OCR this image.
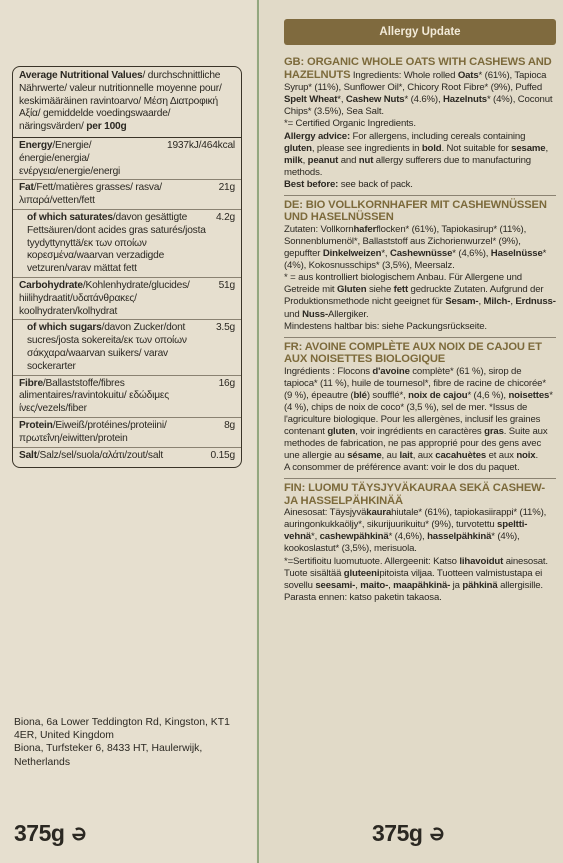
Average Nutritional Values/ durchschnittliche Nährwerte/ valeur nutritionnelle moyenne pour/ keskimääräinen ravintoarvo/ Μέση Διατροφική Αξία/ gemiddelde voedingswaarde/ näringsvärden/ per 100g
Energy/Energie/énergie/energia/ενέργεια/energie/energi
1937kJ/464kcal
Fat/Fett/matières grasses/ rasva/λιπαρά/vetten/fett
21g
of which saturates/davon gesättigte Fettsäuren/dont acides gras saturés/josta tyydyttynyttä/εκ των οποίων κορεσμένα/waarvan verzadigde vetzuren/varav mättat fett
4.2g
Carbohydrate/Kohlenhydrate/glucides/ hiilihydraatit/υδατάνθρακες/ koolhydraten/kolhydrat
51g
of which sugars/davon Zucker/dont sucres/josta sokereita/εκ των οποίων σάκχαρα/waarvan suikers/ varav sockerarter
3.5g
Fibre/Ballaststoffe/fibres alimentaires/ravintokuitu/ εδώδιμες ίνες/vezels/fiber
16g
Protein/Eiweiß/protéines/proteiini/ πρωτεΐνη/eiwitten/protein
8g
Salt/Salz/sel/suola/αλάτι/zout/salt	0.15g

Biona, 6a Lower Teddington Rd, Kingston, KT1 4ER, United Kingdom

Biona, Turfsteker 6, 8433 HT, Haulerwijk, Netherlands

375g	375g
Allergy Update

GB: ORGANIC WHOLE OATS WITH CASHEWS AND HAZELNUTS Ingredients: Whole rolled Oats* (61%), Tapioca Syrup* (11%), Sunflower Oil*, Chicory Root Fibre* (9%), Puffed Spelt Wheat*, Cashew Nuts* (4.6%), Hazelnuts* (4%), Coconut Chips* (3.5%), Sea Salt.

*= Certified Organic Ingredients.

Allergy advice: For allergens, including cereals containing gluten, please see ingredients in bold. Not suitable for sesame, milk, peanut and nut allergy sufferers due to manufacturing methods.

Best before: see back of pack.

DE: BIO VOLLKORNHAFER MIT CASHEWNÜSSEN UND HASELNÜSSEN

Zutaten: Vollkornhaferflocken* (61%), Tapiokasirup* (11%), Sonnenblumenöl*, Ballaststoff aus Zichorienwurzel* (9%), gepuffter Dinkelweizen*, Cashewnüsse* (4,6%), Haselnüsse* (4%), Kokosnusschips* (3,5%), Meersalz.

* = aus kontrolliert biologischem Anbau. Für Allergene und Getreide mit Gluten siehe fett gedruckte Zutaten. Aufgrund der Produktionsmethode nicht geeignet für Sesam-, Milch-, Erdnuss- und Nuss-Allergiker.

Mindestens haltbar bis: siehe Packungsrückseite.

FR: AVOINE COMPLÈTE AUX NOIX DE CAJOU ET AUX NOISETTES BIOLOGIQUE

Ingrédients : Flocons d'avoine complète* (61 %), sirop de tapioca* (11 %), huile de tournesol*, fibre de racine de chicorée* (9 %), épeautre (blé) soufflé*, noix de cajou* (4,6 %), noisettes* (4 %), chips de noix de coco* (3,5 %), sel de mer. *Issus de l'agriculture biologique. Pour les allergènes, inclusif les graines contenant gluten, voir ingrédients en caractères gras. Suite aux methodes de fabrication, ne pas approprié pour des gens avec une allergie au sésame, au lait, aux cacahuètes et aux noix.

A consommer de préférence avant: voir le dos du paquet.

FIN: LUOMU TÄYSJYVÄKAURAA SEKÄ CASHEW- JA HASSELPÄHKINÄÄ

Ainesosat: Täysjyväkaurahiutale* (61%), tapiokasiirappi* (11%), auringonkukkaöljy*, sikurijuurikuitu* (9%), turvotettu spelttivehnä*, cashewpähkinä* (4,6%), hasselpähkinä* (4%), kookoslastut* (3,5%), merisuola.

*=Sertifioitu luomutuote. Allergeenit: Katso lihavoidut ainesosat. Tuote sisältää gluteenipitoista viljaa. Tuotteen valmistustapa ei sovellu seesami-, maito-, maapähkinä- ja pähkinä allergisille.

Parasta ennen: katso paketin takaosa.
